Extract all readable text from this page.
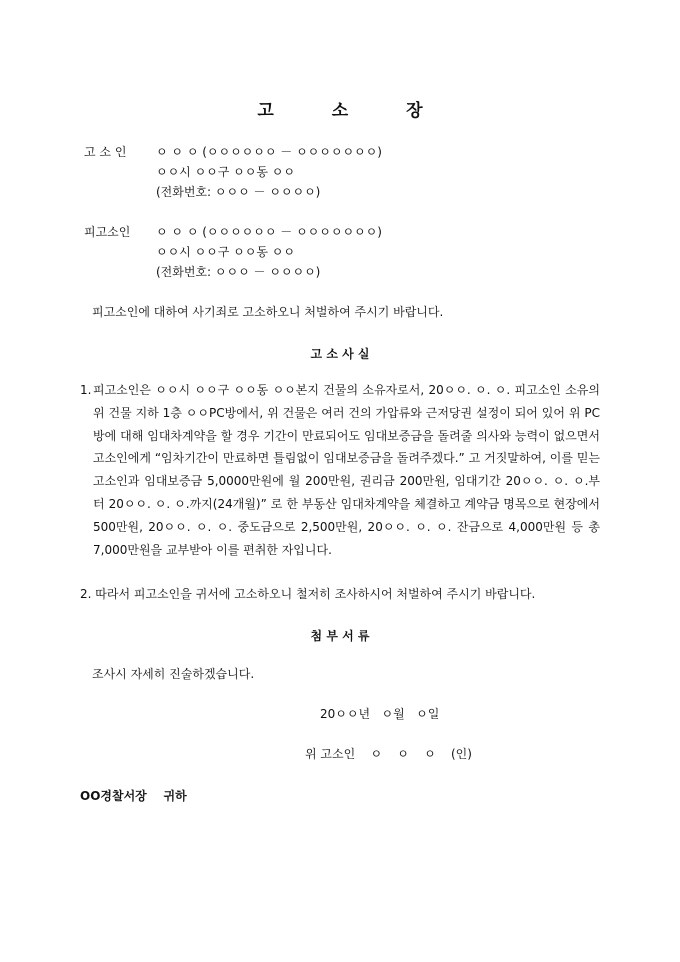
고	소	장
고 소 인	ㅇ ㅇ ㅇ (ㅇㅇㅇㅇㅇㅇ － ㅇㅇㅇㅇㅇㅇㅇ)
ㅇㅇ시 ㅇㅇ구 ㅇㅇ동 ㅇㅇ
(전화번호: ㅇㅇㅇ － ㅇㅇㅇㅇ)
피고소인	ㅇ ㅇ ㅇ (ㅇㅇㅇㅇㅇㅇ － ㅇㅇㅇㅇㅇㅇㅇ)
ㅇㅇ시 ㅇㅇ구 ㅇㅇ동 ㅇㅇ
(전화번호: ㅇㅇㅇ － ㅇㅇㅇㅇ)
피고소인에 대하여 사기죄로 고소하오니 처벌하여 주시기 바랍니다.
고 소 사 실
1. 피고소인은 ㅇㅇ시 ㅇㅇ구 ㅇㅇ동 ㅇㅇ본지 건물의 소유자로서, 20ㅇㅇ. ㅇ. ㅇ. 피고소인 소유의 위 건물 지하 1층 ㅇㅇPC방에서, 위 건물은 여러 건의 가압류와 근저당권 설정이 되어 있어 위 PC방에 대해 임대차계약을 할 경우 기간이 만료되어도 임대보증금을 돌려줄 의사와 능력이 없으면서 고소인에게 “임차기간이 만료하면 틀림없이 임대보증금을 돌려주겠다.” 고 거짓말하여, 이를 믿는 고소인과 임대보증금 5,0000만원에 월 200만원, 권리금 200만원, 임대기간 20ㅇㅇ. ㅇ. ㅇ.부터 20ㅇㅇ. ㅇ. ㅇ.까지(24개월)” 로 한 부동산 임대차계약을 체결하고 계약금 명목으로 현장에서 500만원, 20ㅇㅇ. ㅇ. ㅇ. 중도금으로 2,500만원, 20ㅇㅇ. ㅇ. ㅇ. 잔금으로 4,000만원 등 총 7,000만원을 교부받아 이를 편취한 자입니다.
2. 따라서 피고소인을 귀서에 고소하오니 철저히 조사하시어 처벌하여 주시기 바랍니다.
첨 부 서 류
조사시 자세히 진술하겠습니다.
20ㅇㅇ년   ㅇ월   ㅇ일
위 고소인    ㅇ    ㅇ    ㅇ    (인)
OO경찰서장    귀하
